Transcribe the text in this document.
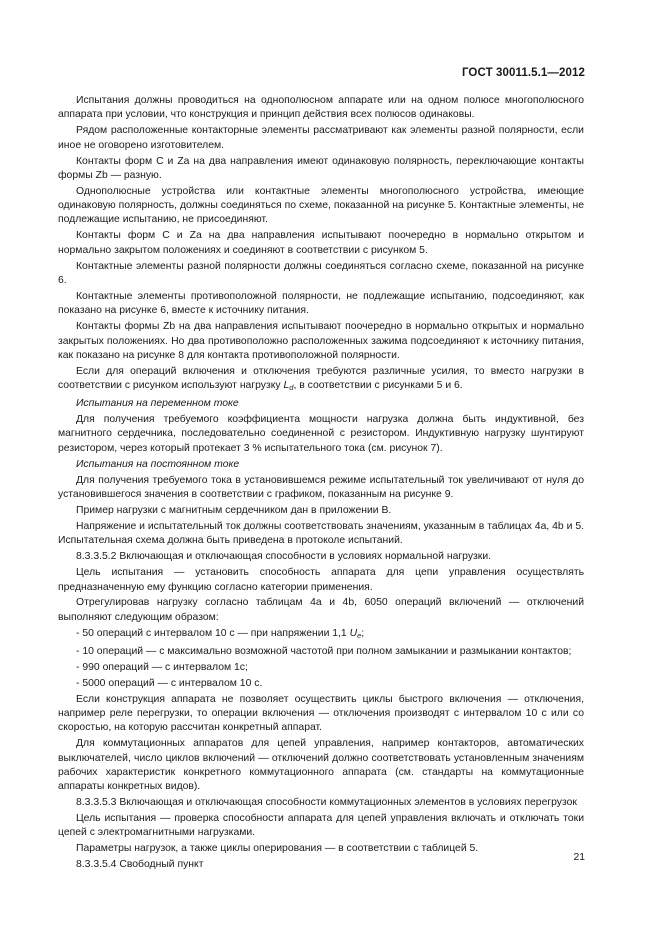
ГОСТ 30011.5.1—2012

Испытания должны проводиться на однополюсном аппарате или на одном полюсе многополюсного аппарата при условии, что конструкция и принцип действия всех полюсов одинаковы.

Рядом расположенные контакторные элементы рассматривают как элементы разной полярности, если иное не оговорено изготовителем.

Контакты форм С и Za на два направления имеют одинаковую полярность, переключающие контакты формы Zb — разную.

Однополюсные устройства или контактные элементы многополюсного устройства, имеющие одинаковую полярность, должны соединяться по схеме, показанной на рисунке 5. Контактные элементы, не подлежащие испытанию, не присоединяют.

Контакты форм С и Za на два направления испытывают поочередно в нормально открытом и нормально закрытом положениях и соединяют в соответствии с рисунком 5.

Контактные элементы разной полярности должны соединяться согласно схеме, показанной на рисунке 6.

Контактные элементы противоположной полярности, не подлежащие испытанию, подсоединяют, как показано на рисунке 6, вместе к источнику питания.

Контакты формы Zb на два направления испытывают поочередно в нормально открытых и нормально закрытых положениях. Но два противоположно расположенных зажима подсоединяют к источнику питания, как показано на рисунке 8 для контакта противоположной полярности.

Если для операций включения и отключения требуются различные усилия, то вместо нагрузки в соответствии с рисунком используют нагрузку $L_d$, в соответствии с рисунками 5 и 6.

Испытания на переменном токе

Для получения требуемого коэффициента мощности нагрузка должна быть индуктивной, без магнитного сердечника, последовательно соединенной с резистором. Индуктивную нагрузку шунтируют резистором, через который протекает 3 % испытательного тока (см. рисунок 7).

Испытания на постоянном токе

Для получения требуемого тока в установившемся режиме испытательный ток увеличивают от нуля до установившегося значения в соответствии с графиком, показанным на рисунке 9.

Пример нагрузки с магнитным сердечником дан в приложении В.

Напряжение и испытательный ток должны соответствовать значениям, указанным в таблицах 4а, 4b и 5. Испытательная схема должна быть приведена в протоколе испытаний.

8.3.3.5.2 Включающая и отключающая способности в условиях нормальной нагрузки.

Цель испытания — установить способность аппарата для цепи управления осуществлять предназначенную ему функцию согласно категории применения.

Отрегулировав нагрузку согласно таблицам 4а и 4b, 6050 операций включений — отключений выполняют следующим образом:

- 50 операций с интервалом 10 с — при напряжении 1,1 $U_e$;

- 10 операций — с максимально возможной частотой при полном замыкании и размыкании контактов;

- 990 операций — с интервалом 1с;

- 5000 операций — с интервалом 10 с.

Если конструкция аппарата не позволяет осуществить циклы быстрого включения — отключения, например реле перегрузки, то операции включения — отключения производят с интервалом 10 с или со скоростью, на которую рассчитан конкретный аппарат.

Для коммутационных аппаратов для цепей управления, например контакторов, автоматических выключателей, число циклов включений — отключений должно соответствовать установленным значениям рабочих характеристик конкретного коммутационного аппарата (см. стандарты на коммутационные аппараты конкретных видов).

8.3.3.5.3 Включающая и отключающая способности коммутационных элементов в условиях перегрузок

Цель испытания — проверка способности аппарата для цепей управления включать и отключать токи цепей с электромагнитными нагрузками.

Параметры нагрузок, а также циклы оперирования — в соответствии с таблицей 5.

8.3.3.5.4 Свободный пункт

21
